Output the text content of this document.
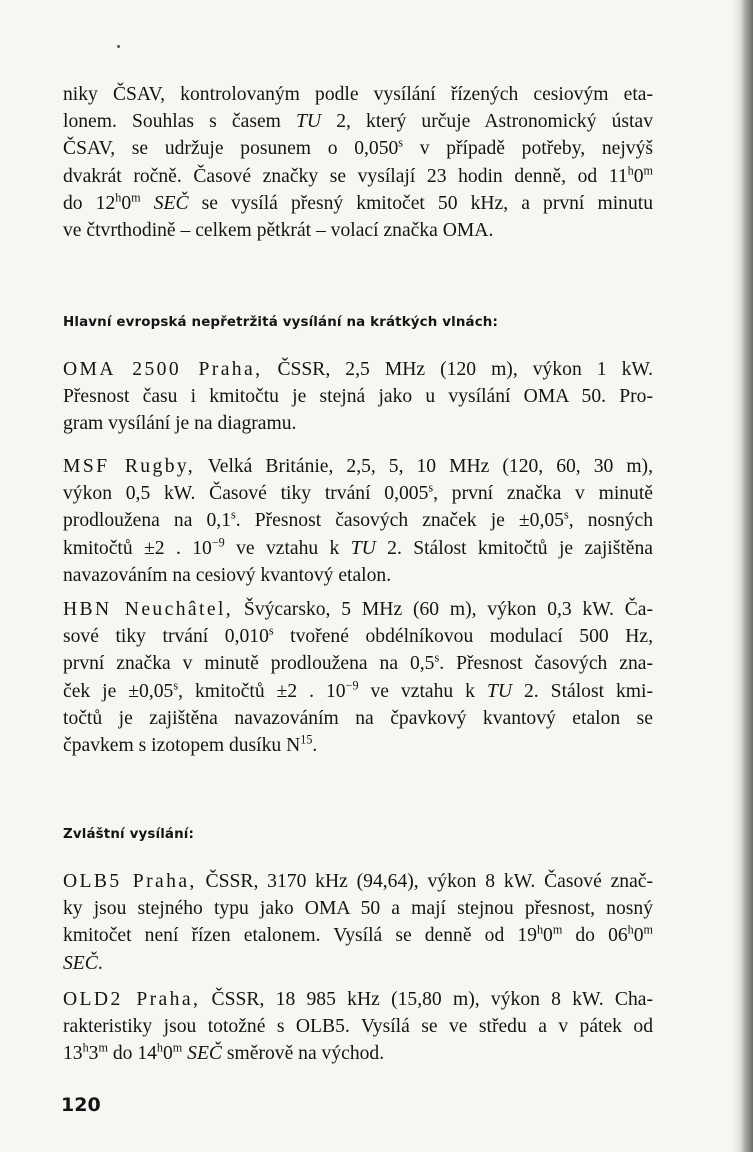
niky ČSAV, kontrolovaným podle vysílání řízených cesiovým eta-
lonem. Souhlas s časem TU 2, který určuje Astronomický ústav
ČSAV, se udržuje posunem o 0,050$^s$ v případě potřeby, nejvýš
dvakrát ročně. Časové značky se vysílají 23 hodin denně, od 11$^h$0$^m$
do 12$^h$0$^m$ SEČ se vysílá přesný kmitočet 50 kHz, a první minutu
ve čtvrthodině – celkem pětkrát – volací značka OMA.
Hlavní evropská nepřetržitá vysílání na krátkých vlnách:
OMA 2500 Praha, ČSSR, 2,5 MHz (120 m), výkon 1 kW.
Přesnost času i kmitočtu je stejná jako u vysílání OMA 50. Pro-
gram vysílání je na diagramu.
MSF Rugby, Velká Británie, 2,5, 5, 10 MHz (120, 60, 30 m),
výkon 0,5 kW. Časové tiky trvání 0,005$^s$, první značka v minutě
prodloužena na 0,1$^s$. Přesnost časových značek je $\pm 0,05^s$, nosných
kmitočtů ±2 . $10^{-9}$ ve vztahu k TU 2. Stálost kmitočtů je zajištěna
navazováním na cesiový kvantový etalon.
HBN Neuchâtel, Švýcarsko, 5 MHz (60 m), výkon 0,3 kW. Ča-
sové tiky trvání 0,010$^s$ tvořené obdélníkovou modulací 500 Hz,
první značka v minutě prodloužena na 0,5$^s$. Přesnost časových zna-
ček je $\pm 0,05^s$, kmitočtů ±2 . $10^{-9}$ ve vztahu k TU 2. Stálost kmi-
točtů je zajištěna navazováním na čpavkový kvantový etalon se
čpavkem s izotopem dusíku $N^{15}$.
Zvláštní vysílání:
OLB5 Praha, ČSSR, 3170 kHz (94,64), výkon 8 kW. Časové znač-
ky jsou stejného typu jako OMA 50 a mají stejnou přesnost, nosný
kmitočet není řízen etalonem. Vysílá se denně od 19$^h$0$^m$ do 06$^h$0$^m$
SEČ.
OLD2 Praha, ČSSR, 18 985 kHz (15,80 m), výkon 8 kW. Cha-
rakteristiky jsou totožné s OLB5. Vysílá se ve středu a v pátek od
13$^h$3$^m$ do 14$^h$0$^m$ SEČ směrově na východ.

120
